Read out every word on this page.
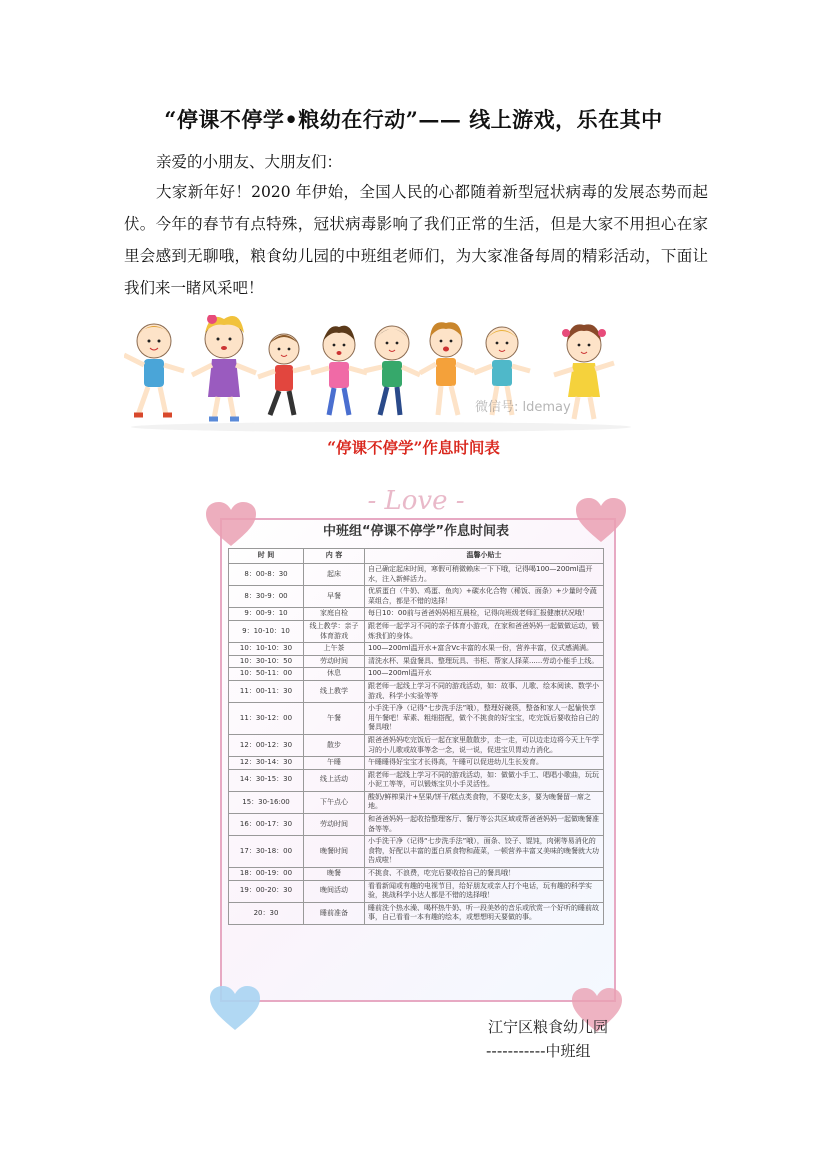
“停课不停学•粮幼在行动”—— 线上游戏，乐在其中
亲爱的小朋友、大朋友们：
大家新年好！2020 年伊始，全国人民的心都随着新型冠状病毒的发展态势而起伏。今年的春节有点特殊，冠状病毒影响了我们正常的生活，但是大家不用担心在家里会感到无聊哦，粮食幼儿园的中班组老师们，为大家准备每周的精彩活动，下面让我们来一睹风采吧！
微信号: ldemay
“停课不停学”作息时间表
- Love -
中班组“停课不停学”作息时间表
时 间	内 容	温馨小贴士
8：00-8：30	起床	自己确定起床时间，寒假可稍微赖床一下下哦，记得喝100—200ml温开水，注入新鲜活力。
8：30-9：00	早餐	优质蛋白（牛奶、鸡蛋、鱼肉）+碳水化合物（稀饭、面条）+少量时令蔬菜组合，都是不错的选择！
9：00-9：10	家庭自检	每日10：00前与爸爸妈妈相互晨检，记得向班级老师汇报健康状况哦！
9：10-10：10	线上教学：亲子体育游戏	跟老师一起学习不同的亲子体育小游戏，在家和爸爸妈妈一起做做运动，锻炼我们的身体。
10：10-10：30	上午茶	100—200ml温开水+富含Vc丰富的水果一份，营养丰富，仪式感满满。
10：30-10：50	劳动时间	清洗水杯、果盘餐具、整理玩具、书柜、帮家人择菜......劳动小能手上线。
10：50-11：00	休息	100—200ml温开水
11：00-11：30	线上教学	跟老师一起线上学习不同的游戏活动，如：故事、儿歌、绘本阅读、数学小游戏、科学小实验等等
11：30-12：00	午餐	小手洗干净（记得“七步洗手法”哦），整理好碗筷，整备和家人一起愉快享用午餐吧！荤素、粗细搭配，做个不挑食的好宝宝，吃完饭后要收拾自己的餐具哦！
12：00-12：30	散步	跟爸爸妈妈吃完饭后一起在家里散散步，走一走，可以边走边将今天上午学习的小儿歌或故事等念一念，说一说，促进宝贝胃动力消化。
12：30-14：30	午睡	午睡睡得好宝宝才长得高，午睡可以促进幼儿生长发育。
14：30-15：30	线上活动	跟老师一起线上学习不同的游戏活动，如：做做小手工、唱唱小歌曲，玩玩小泥工等等，可以锻炼宝贝小手灵活性。
15：30-16:00	下午点心	酸奶/鲜榨果汁+坚果/饼干/糕点类食物，不要吃太多，要为晚餐留一席之地。
16：00-17：30	劳动时间	和爸爸妈妈一起收拾整理客厅、餐厅等公共区域或帮爸爸妈妈一起做晚餐准备等等。
17：30-18：00	晚餐时间	小手洗干净（记得“七步洗手法”哦），面条、饺子、馄饨，肉粥等易消化的食物，好配以丰富的蛋白质食物和蔬菜，一顿营养丰富又美味的晚餐就大功告成啦！
18：00-19：00	晚餐	不挑食、不浪费，吃完后要收拾自己的餐具哦！
19：00-20：30	晚间活动	看看新闻或有趣的电视节目，给好朋友或亲人打个电话，玩有趣的科学实验，挑战科学小达人都是不错的选择哦！
20：30	睡前准备	睡前洗个热水澡、喝杯热牛奶、听一段美妙的音乐或欣赏一个好听的睡前故事，自己看看一本有趣的绘本，或想想明天要做的事。
江宁区粮食幼儿园
-----------中班组
